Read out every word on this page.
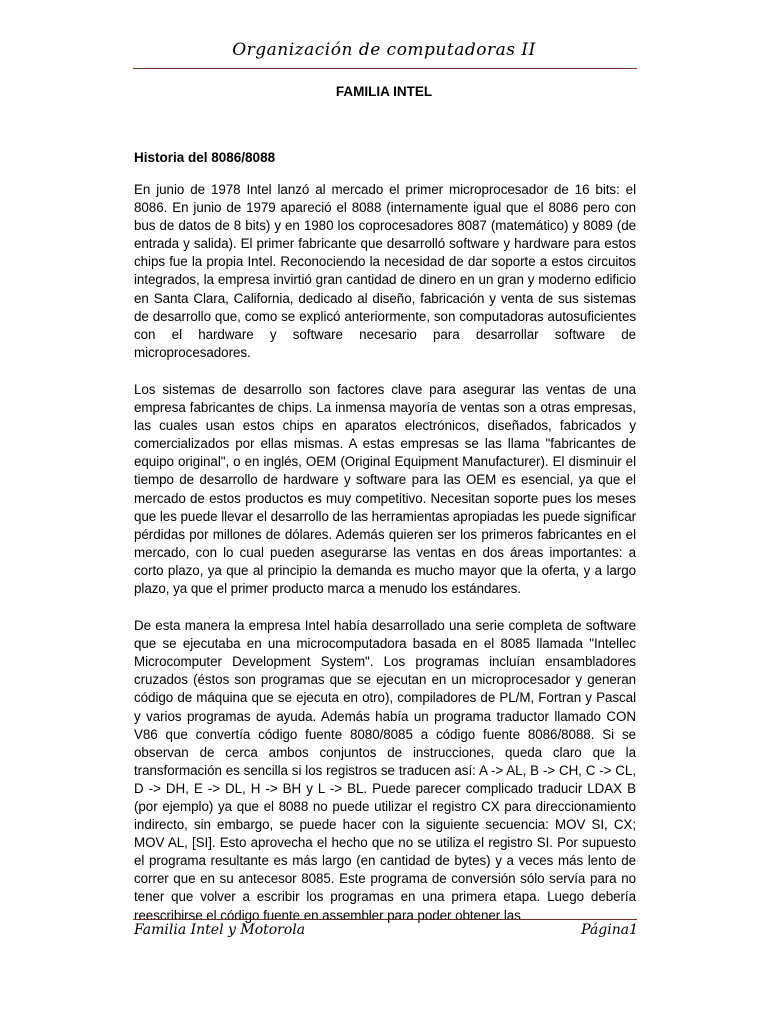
Organización de computadoras II
FAMILIA INTEL
Historia del 8086/8088

En junio de 1978 Intel lanzó al mercado el primer microprocesador de 16 bits: el 8086. En junio de 1979 apareció el 8088 (internamente igual que el 8086 pero con bus de datos de 8 bits) y en 1980 los coprocesadores 8087 (matemático) y 8089 (de entrada y salida). El primer fabricante que desarrolló software y hardware para estos chips fue la propia Intel. Reconociendo la necesidad de dar soporte a estos circuitos integrados, la empresa invirtió gran cantidad de dinero en un gran y moderno edificio en Santa Clara, California, dedicado al diseño, fabricación y venta de sus sistemas de desarrollo que, como se explicó anteriormente, son computadoras autosuficientes con el hardware y software necesario para desarrollar software de microprocesadores.

Los sistemas de desarrollo son factores clave para asegurar las ventas de una empresa fabricantes de chips. La inmensa mayoría de ventas son a otras empresas, las cuales usan estos chips en aparatos electrónicos, diseñados, fabricados y comercializados por ellas mismas. A estas empresas se las llama "fabricantes de equipo original", o en inglés, OEM (Original Equipment Manufacturer). El disminuir el tiempo de desarrollo de hardware y software para las OEM es esencial, ya que el mercado de estos productos es muy competitivo. Necesitan soporte pues los meses que les puede llevar el desarrollo de las herramientas apropiadas les puede significar pérdidas por millones de dólares. Además quieren ser los primeros fabricantes en el mercado, con lo cual pueden asegurarse las ventas en dos áreas importantes: a corto plazo, ya que al principio la demanda es mucho mayor que la oferta, y a largo plazo, ya que el primer producto marca a menudo los estándares.

De esta manera la empresa Intel había desarrollado una serie completa de software que se ejecutaba en una microcomputadora basada en el 8085 llamada "Intellec Microcomputer Development System". Los programas incluían ensambladores cruzados (éstos son programas que se ejecutan en un microprocesador y generan código de máquina que se ejecuta en otro), compiladores de PL/M, Fortran y Pascal y varios programas de ayuda. Además había un programa traductor llamado CON V86 que convertía código fuente 8080/8085 a código fuente 8086/8088. Si se observan de cerca ambos conjuntos de instrucciones, queda claro que la transformación es sencilla si los registros se traducen así: A -> AL, B -> CH, C -> CL, D -> DH, E -> DL, H -> BH y L -> BL. Puede parecer complicado traducir LDAX B (por ejemplo) ya que el 8088 no puede utilizar el registro CX para direccionamiento indirecto, sin embargo, se puede hacer con la siguiente secuencia: MOV SI, CX; MOV AL, [SI]. Esto aprovecha el hecho que no se utiliza el registro SI. Por supuesto el programa resultante es más largo (en cantidad de bytes) y a veces más lento de correr que en su antecesor 8085. Este programa de conversión sólo servía para no tener que volver a escribir los programas en una primera etapa. Luego debería reescribirse el código fuente en assembler para poder obtener las

Familia Intel y Motorola	Página1
